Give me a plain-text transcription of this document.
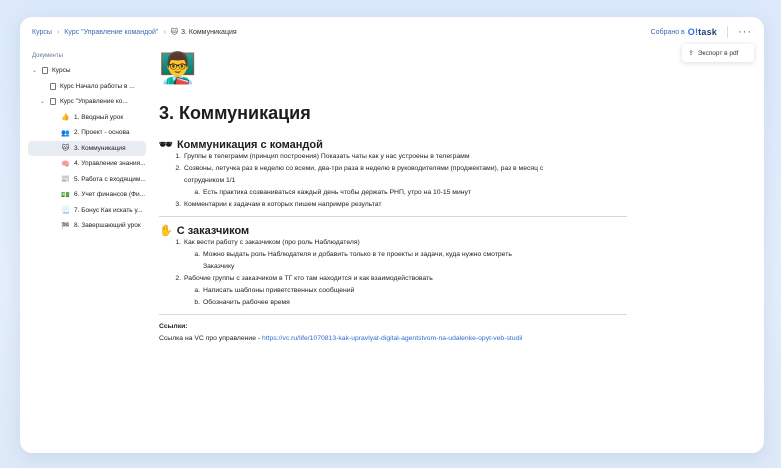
Курсы › Курс "Управление командой" › 🐱 3. Коммуникация	Собрано в O!task ···
⇪ Экспорт в pdf
Документы
⌄ Курсы
Курс Начало работы в ...
⌄ Курс "Управление ко...
👍 1. Вводный урок
👥 2. Проект - основа
🐱 3. Коммуникация
🧠 4. Управление знания...
📰 5. Работа с входящим...
💵 6. Учет финансов (Фи...
📃 7. Бонус Как искать у...
🏁 8. Завершающий урок
👨‍🏫
3. Коммуникация
🕶 Коммуникация с командой
1. Группы в телеграмм (принцип построения) Показать чаты как у нас устроены в телеграмм
2. Созвоны, летучка раз в неделю со всеми, два-три раза в неделю в руководителями (проджектами), раз в месяц с
сотрудником 1/1
a. Есть практика созваниваться каждый день чтобы держать РНП, утро на 10-15 минут
3. Комментарии к задачам в которых пишем напримре результат
✋ С заказчиком
1. Как вести работу с заказчиком (про роль Наблюдателя)
a. Можно выдать роль Наблюдателя и добавить только в те проекты и задачи, куда нужно смотреть
Заказчику
2. Рабочие группы с заказчиком в ТГ кто там находится и как взаимодействовать
a. Написать шаблоны приветственных сообщений
b. Обозначить рабочее время
Ссылки:
Ссылка на VC про управление - https://vc.ru/life/1070813-kak-upravlyat-digital-agentstvom-na-udalenke-opyt-veb-studii
